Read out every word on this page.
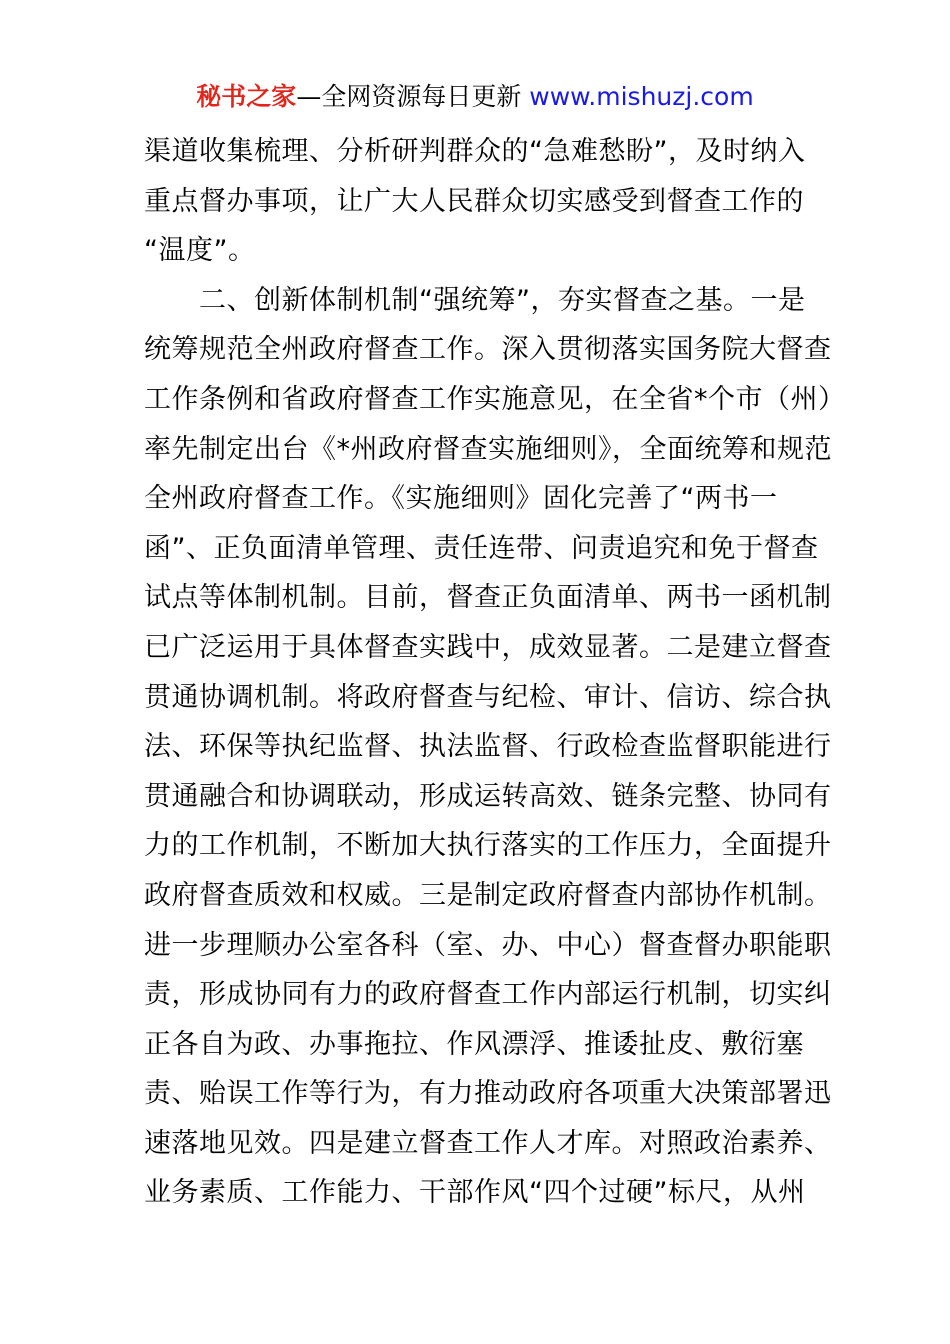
秘书之家—全网资源每日更新 www.mishuzj.com
渠道收集梳理、分析研判群众的“急难愁盼”，及时纳入
重点督办事项，让广大人民群众切实感受到督查工作的
“温度”。
　　二、创新体制机制“强统筹”，夯实督查之基。一是
统筹规范全州政府督查工作。深入贯彻落实国务院大督查
工作条例和省政府督查工作实施意见，在全省*个市（州）
率先制定出台《*州政府督查实施细则》，全面统筹和规范
全州政府督查工作。《实施细则》固化完善了“两书一
函”、正负面清单管理、责任连带、问责追究和免于督查
试点等体制机制。目前，督查正负面清单、两书一函机制
已广泛运用于具体督查实践中，成效显著。二是建立督查
贯通协调机制。将政府督查与纪检、审计、信访、综合执
法、环保等执纪监督、执法监督、行政检查监督职能进行
贯通融合和协调联动，形成运转高效、链条完整、协同有
力的工作机制，不断加大执行落实的工作压力，全面提升
政府督查质效和权威。三是制定政府督查内部协作机制。
进一步理顺办公室各科（室、办、中心）督查督办职能职
责，形成协同有力的政府督查工作内部运行机制，切实纠
正各自为政、办事拖拉、作风漂浮、推诿扯皮、敷衍塞
责、贻误工作等行为，有力推动政府各项重大决策部署迅
速落地见效。四是建立督查工作人才库。对照政治素养、
业务素质、工作能力、干部作风“四个过硬”标尺，从州
